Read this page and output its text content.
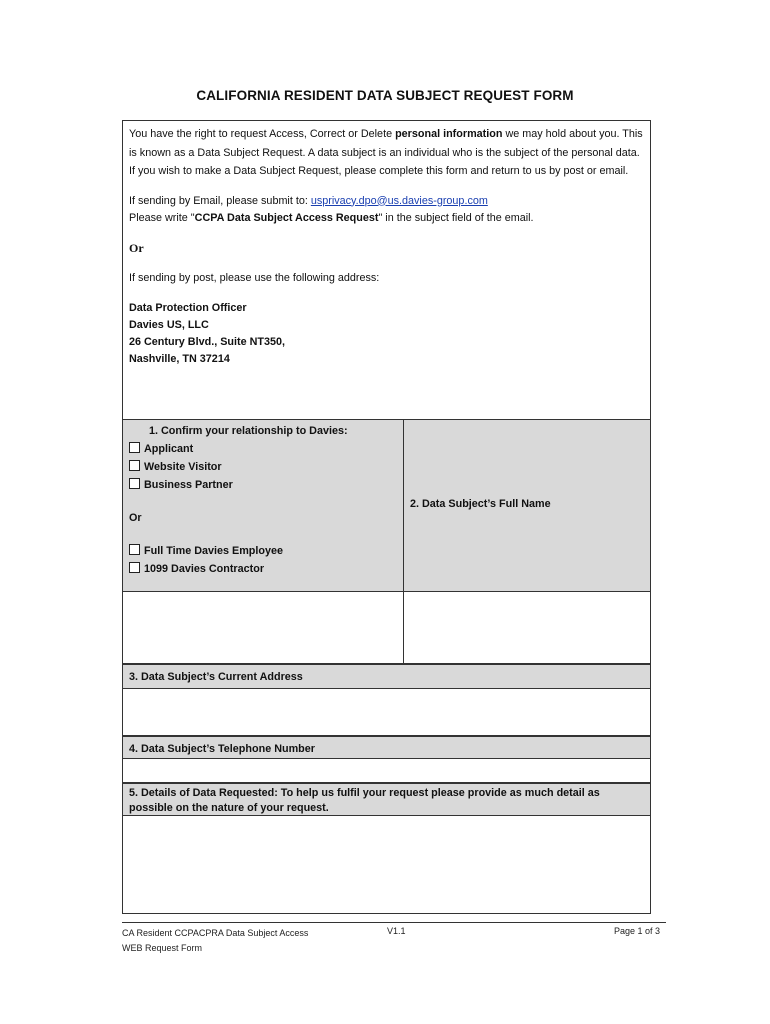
CALIFORNIA RESIDENT DATA SUBJECT REQUEST FORM

You have the right to request Access, Correct or Delete personal information we may hold about you. This is known as a Data Subject Request. A data subject is an individual who is the subject of the personal data. If you wish to make a Data Subject Request, please complete this form and return to us by post or email.

If sending by Email, please submit to: usprivacy.dpo@us.davies-group.com
Please write "CCPA Data Subject Access Request" in the subject field of the email.

Or

If sending by post, please use the following address:

Data Protection Officer
Davies US, LLC
26 Century Blvd., Suite NT350,
Nashville, TN 37214
1. Confirm your relationship to Davies:
Applicant
Website Visitor
Business Partner
Or
Full Time Davies Employee
1099 Davies Contractor
2. Data Subject’s Full Name
3. Data Subject’s Current Address
4. Data Subject’s Telephone Number
5. Details of Data Requested: To help us fulfil your request please provide as much detail as possible on the nature of your request.
CA Resident CCPACPRA Data Subject Access
WEB Request Form
V1.1	Page 1 of 3
